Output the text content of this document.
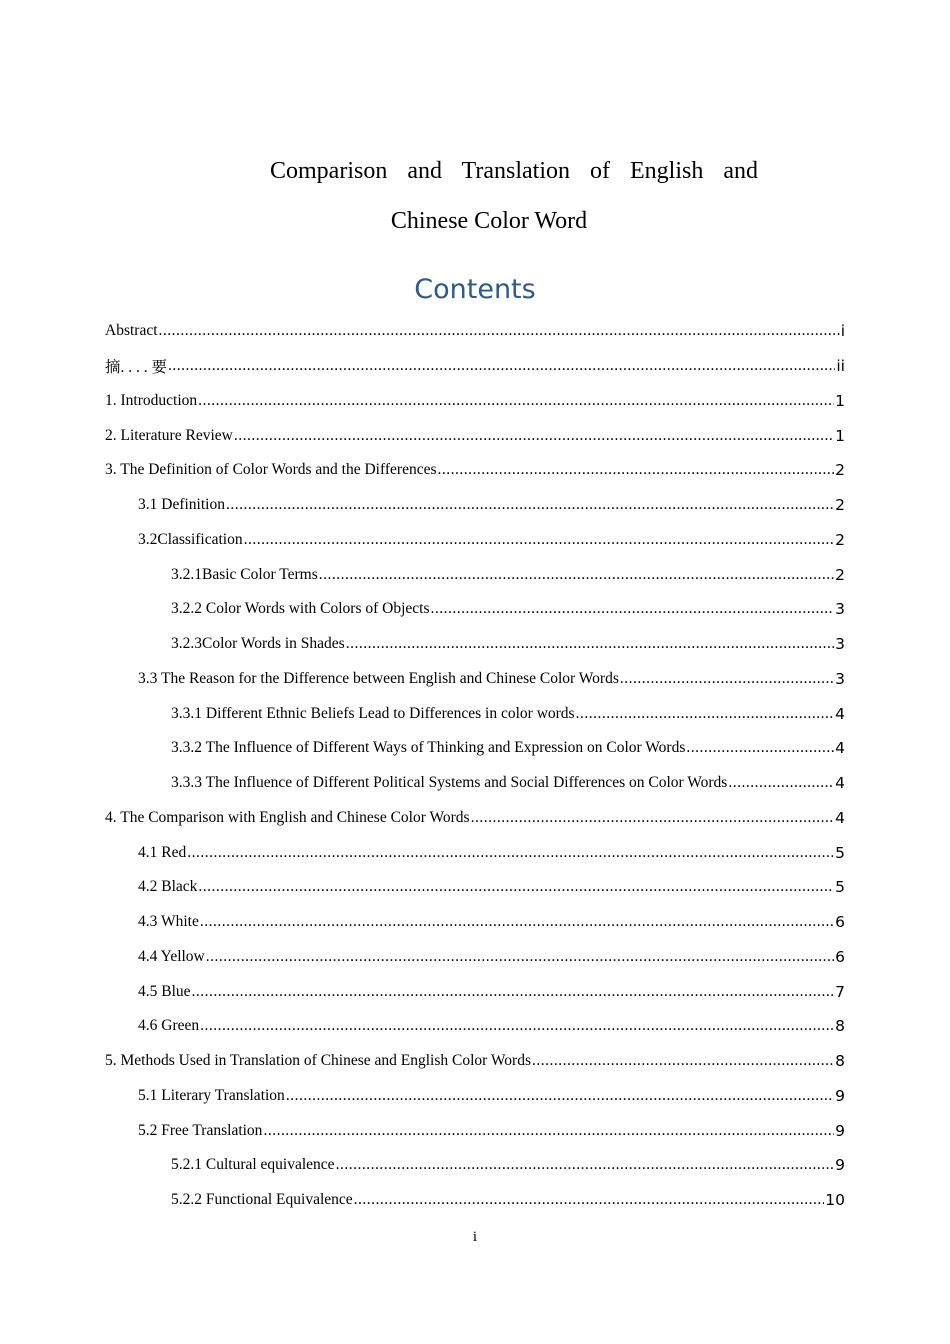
Comparison and Translation of English and
Chinese Color Word
Contents
Abstract .....	i
摘. . . . 要 .....	ii
1. Introduction .....	1
2. Literature Review .....	1
3. The Definition of Color Words and the Differences .....	2
3.1 Definition .....	2
3.2Classification .....	2
3.2.1Basic Color Terms .....	2
3.2.2 Color Words with Colors of Objects .....	3
3.2.3Color Words in Shades .....	3
3.3 The Reason for the Difference between English and Chinese Color Words .....	3
3.3.1 Different Ethnic Beliefs Lead to Differences in color words .....	4
3.3.2 The Influence of Different Ways of Thinking and Expression on Color Words .....	4
3.3.3 The Influence of Different Political Systems and Social Differences on Color Words .....	4
4. The Comparison with English and Chinese Color Words .....	4
4.1 Red .....	5
4.2 Black .....	5
4.3 White .....	6
4.4 Yellow .....	6
4.5 Blue .....	7
4.6 Green .....	8
5. Methods Used in Translation of Chinese and English Color Words .....	8
5.1 Literary Translation .....	9
5.2 Free Translation .....	9
5.2.1 Cultural equivalence .....	9
5.2.2 Functional Equivalence .....	10
i
